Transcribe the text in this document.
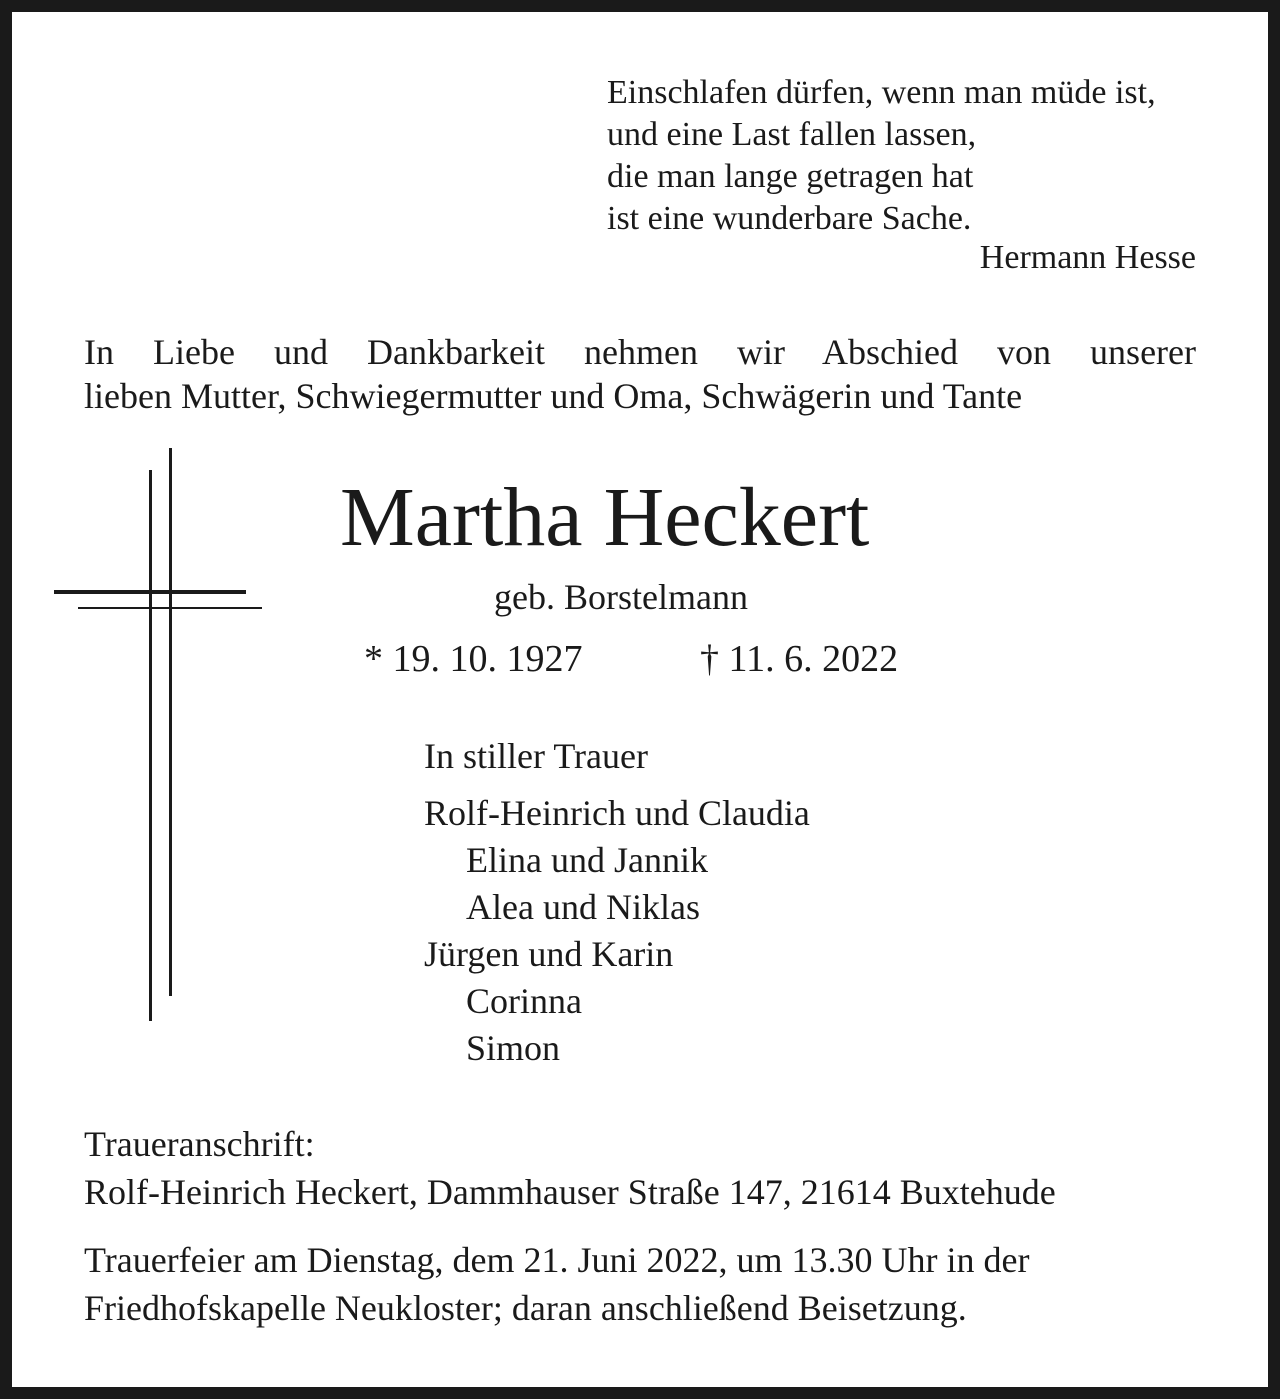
Einschlafen dürfen, wenn man müde ist,
und eine Last fallen lassen,
die man lange getragen hat
ist eine wunderbare Sache.
Hermann Hesse
In Liebe und Dankbarkeit nehmen wir Abschied von unserer
lieben Mutter, Schwiegermutter und Oma, Schwägerin und Tante
Martha Heckert
geb. Borstelmann
* 19. 10. 1927	† 11. 6. 2022
In stiller Trauer
Rolf-Heinrich und Claudia
Elina und Jannik
Alea und Niklas
Jürgen und Karin
Corinna
Simon
Traueranschrift:
Rolf-Heinrich Heckert, Dammhauser Straße 147, 21614 Buxtehude
Trauerfeier am Dienstag, dem 21. Juni 2022, um 13.30 Uhr in der
Friedhofskapelle Neukloster; daran anschließend Beisetzung.
